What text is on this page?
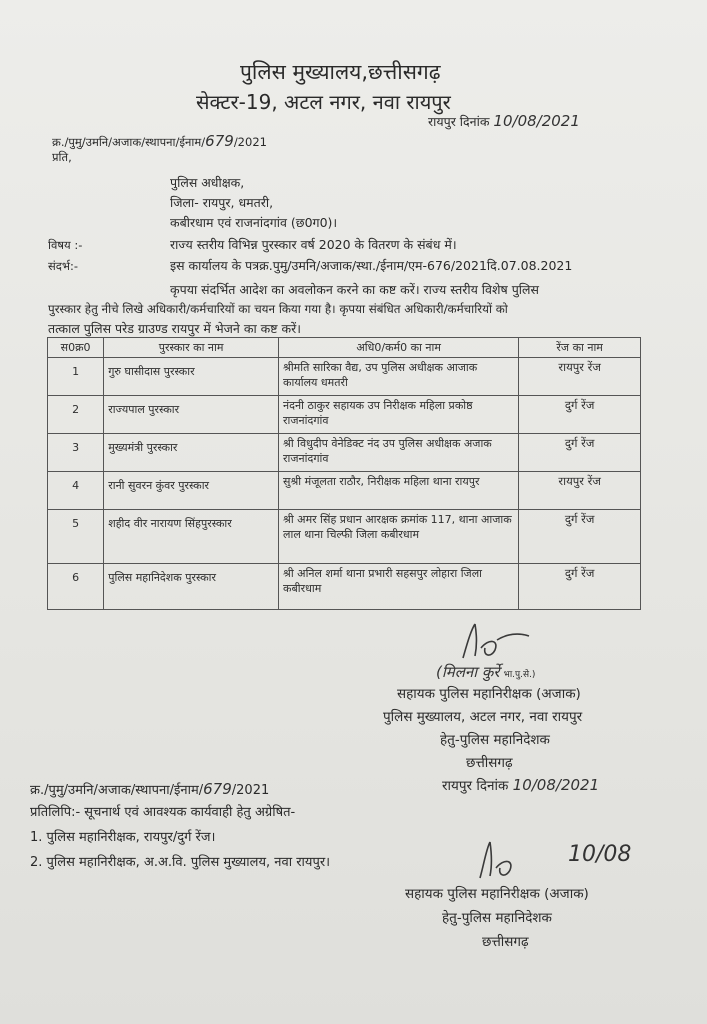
पुलिस मुख्यालय,छत्तीसगढ़
सेक्टर-19, अटल नगर, नवा रायपुर
रायपुर दिनांक 10/08/2021
क्र./पुमु/उमनि/अजाक/स्थापना/ईनाम/679/2021
प्रति,
पुलिस अधीक्षक,
जिला- रायपुर, धमतरी,
कबीरधाम एवं राजनांदगांव (छ0ग0)।
विषय :-	राज्य स्तरीय विभिन्न पुरस्कार वर्ष 2020 के वितरण के संबंध में।
संदर्भ:-	इस कार्यालय के पत्रक्र.पुमु/उमनि/अजाक/स्था./ईनाम/एम-676/2021दि.07.08.2021
कृपया संदर्भित आदेश का अवलोकन करने का कष्ट करें। राज्य स्तरीय विशेष पुलिस
पुरस्कार हेतु नीचे लिखे अधिकारी/कर्मचारियों का चयन किया गया है। कृपया संबंधित अधिकारी/कर्मचारियों को
तत्काल पुलिस परेड ग्राउण्ड रायपुर में भेजने का कष्ट करें।
स0क्र0	पुरस्कार का नाम	अधि0/कर्म0 का नाम	रेंज का नाम
1	गुरु घासीदास पुरस्कार	श्रीमति सारिका वैद्य, उप पुलिस अधीक्षक आजाक कार्यालय धमतरी	रायपुर रेंज
2	राज्यपाल पुरस्कार	नंदनी ठाकुर सहायक उप निरीक्षक महिला प्रकोष्ठ राजनांदगांव	दुर्ग रेंज
3	मुख्यमंत्री पुरस्कार	श्री विधुदीप वेनेडिक्ट नंद उप पुलिस अधीक्षक अजाक राजनांदगांव	दुर्ग रेंज
4	रानी सुवरन कुंवर पुरस्कार	सुश्री मंजूलता राठौर, निरीक्षक महिला थाना रायपुर	रायपुर रेंज
5	शहीद वीर नारायण सिंहपुरस्कार	श्री अमर सिंह प्रधान आरक्षक क्रमांक 117, थाना आजाक लाल थाना चिल्फी जिला कबीरधाम	दुर्ग रेंज
6	पुलिस महानिदेशक पुरस्कार	श्री अनिल शर्मा थाना प्रभारी सहसपुर लोहारा जिला कबीरधाम	दुर्ग रेंज
(मिलना कुर्रे भा.पु.से.)
सहायक पुलिस महानिरीक्षक (अजाक)
पुलिस मुख्यालय, अटल नगर, नवा रायपुर
हेतु-पुलिस महानिदेशक
छत्तीसगढ़
रायपुर दिनांक 10/08/2021
क्र./पुमु/उमनि/अजाक/स्थापना/ईनाम/679/2021
प्रतिलिपि:- सूचनार्थ एवं आवश्यक कार्यवाही हेतु अग्रेषित-
1. पुलिस महानिरीक्षक, रायपुर/दुर्ग रेंज।
2. पुलिस महानिरीक्षक, अ.अ.वि. पुलिस मुख्यालय, नवा रायपुर।	10/08
सहायक पुलिस महानिरीक्षक (अजाक)
हेतु-पुलिस महानिदेशक
छत्तीसगढ़
